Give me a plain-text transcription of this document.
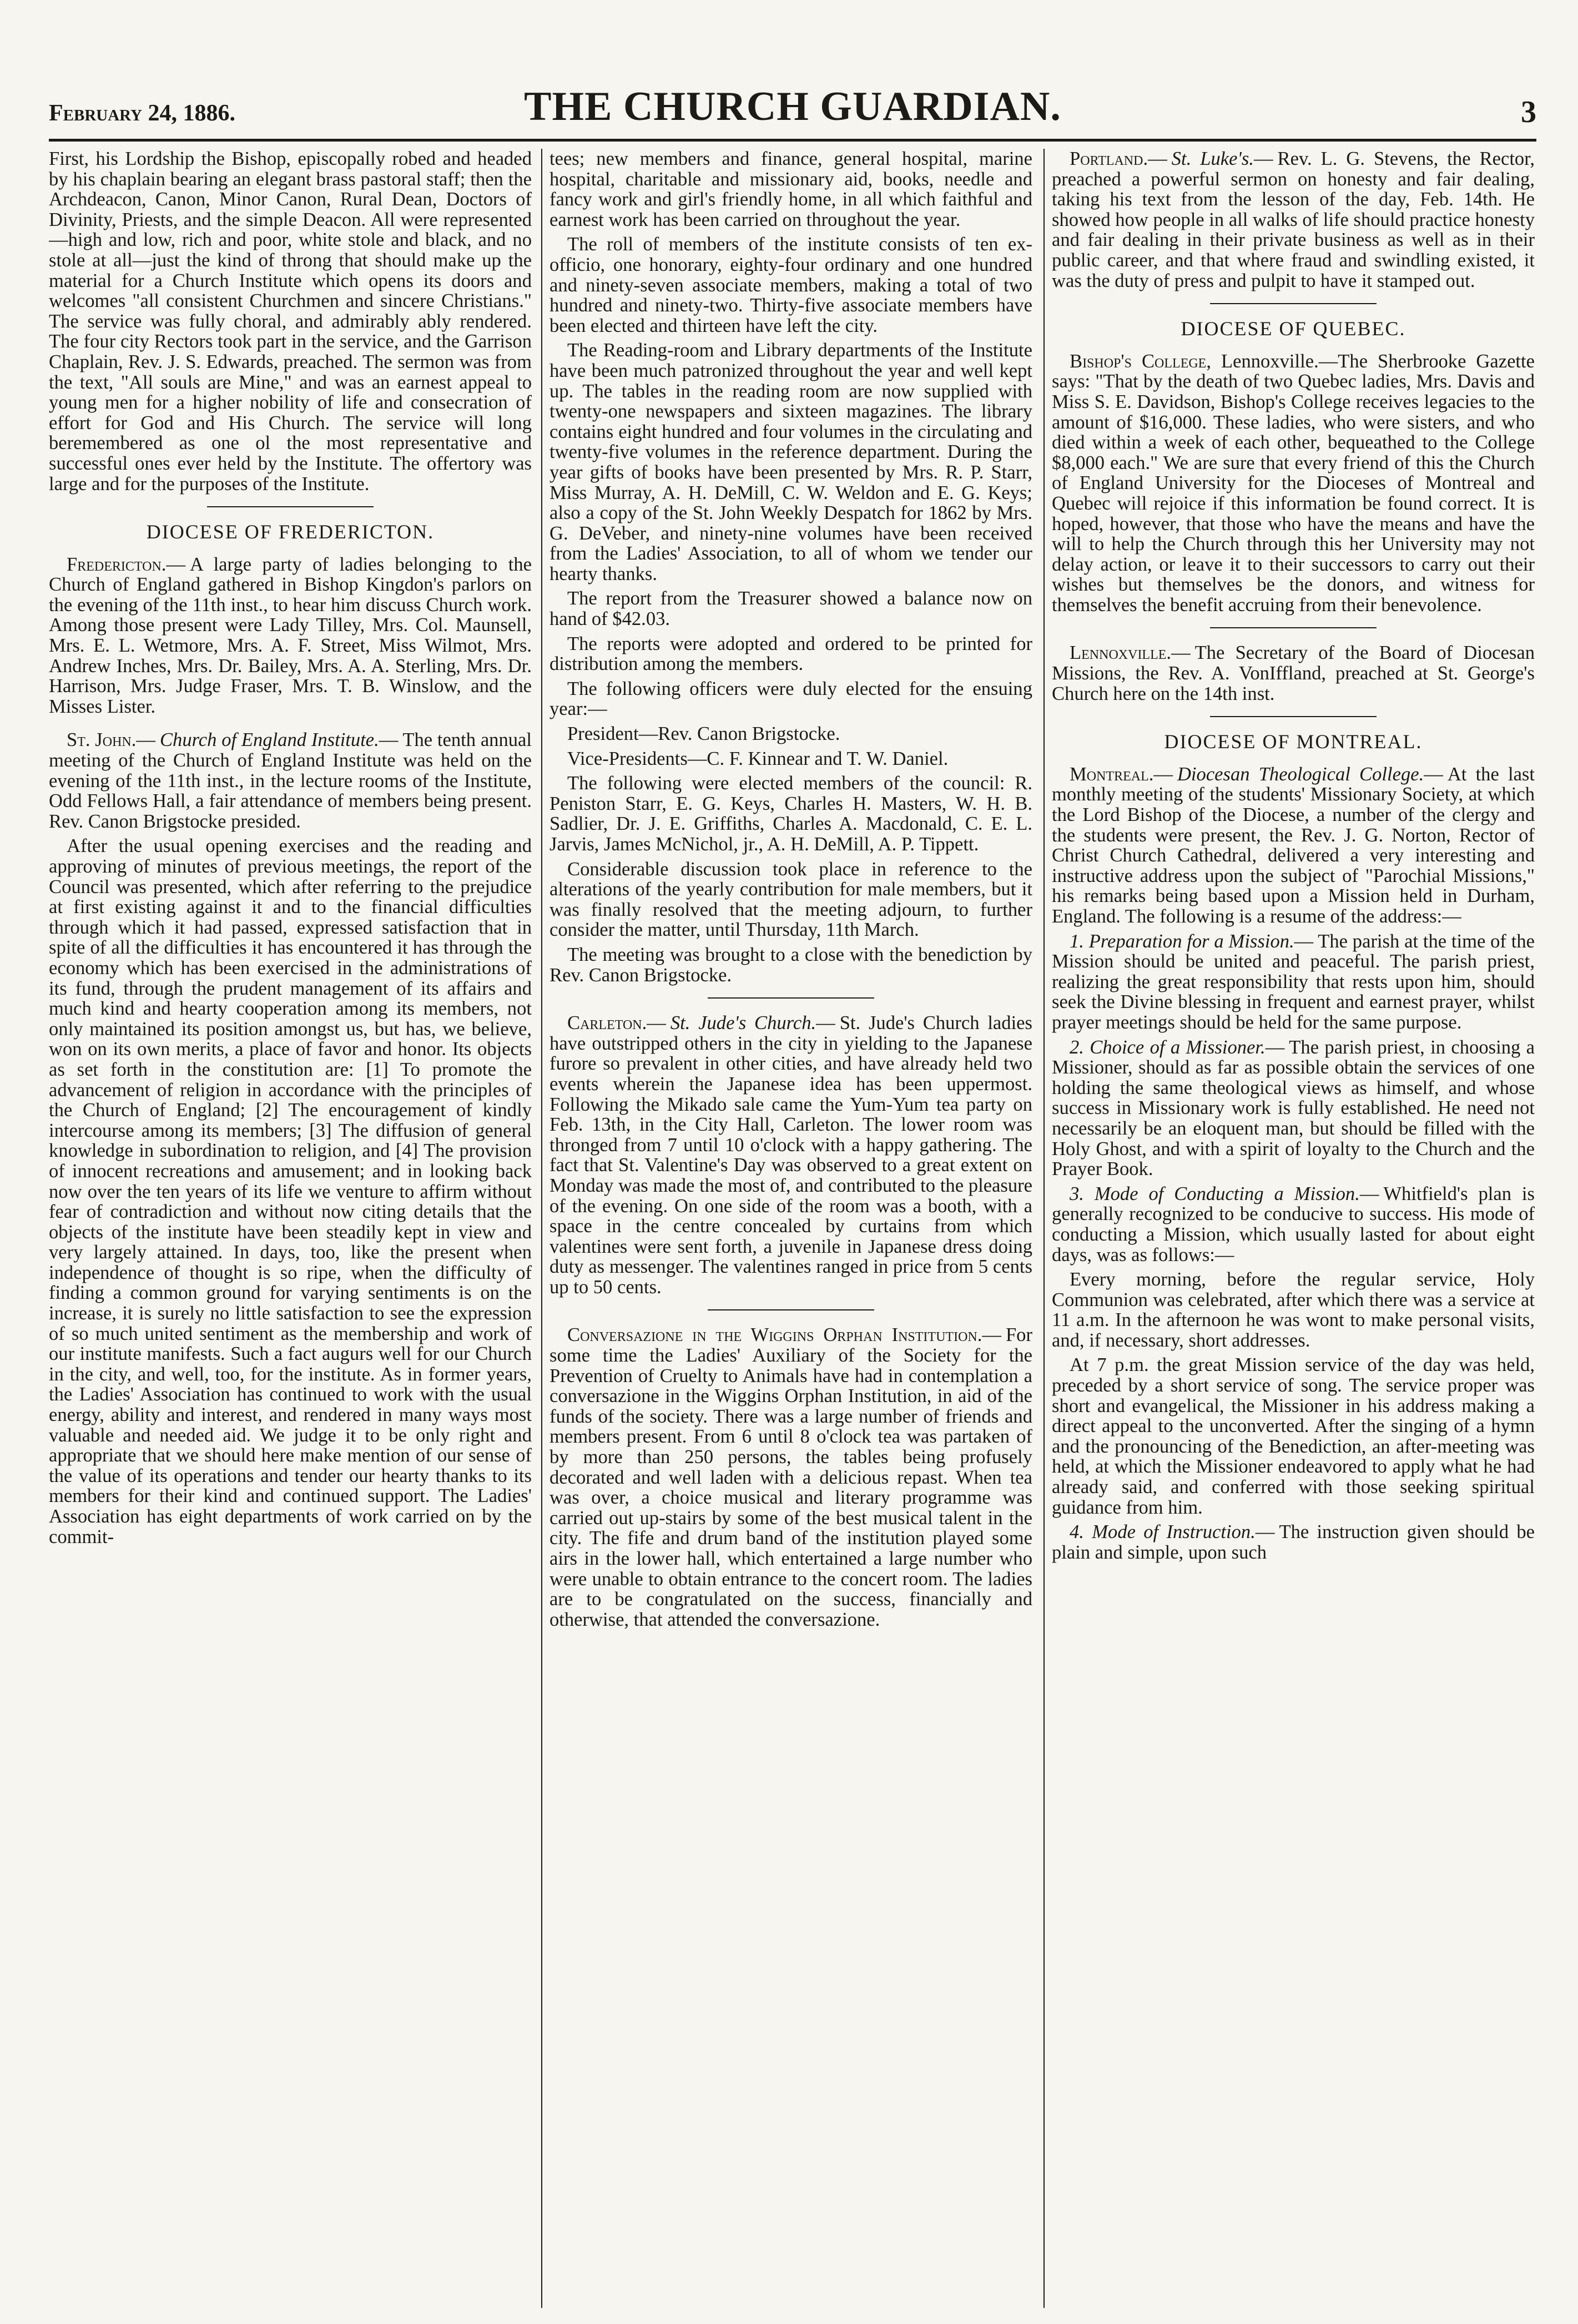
February 24, 1886.	THE CHURCH GUARDIAN.	3

First, his Lordship the Bishop, episcopally robed and headed by his chaplain bearing an elegant brass pastoral staff; then the Archdeacon, Canon, Minor Canon, Rural Dean, Doctors of Divinity, Priests, and the simple Deacon. All were represented—high and low, rich and poor, white stole and black, and no stole at all—just the kind of throng that should make up the material for a Church Institute which opens its doors and welcomes "all consistent Churchmen and sincere Christians." The service was fully choral, and admirably ably rendered. The four city Rectors took part in the service, and the Garrison Chaplain, Rev. J. S. Edwards, preached. The sermon was from the text, "All souls are Mine," and was an earnest appeal to young men for a higher nobility of life and consecration of effort for God and His Church. The service will long beremembered as one ol the most representative and successful ones ever held by the Institute. The offertory was large and for the purposes of the Institute.

DIOCESE OF FREDERICTON.

Fredericton.— A large party of ladies belonging to the Church of England gathered in Bishop Kingdon's parlors on the evening of the 11th inst., to hear him discuss Church work. Among those present were Lady Tilley, Mrs. Col. Maunsell, Mrs. E. L. Wetmore, Mrs. A. F. Street, Miss Wilmot, Mrs. Andrew Inches, Mrs. Dr. Bailey, Mrs. A. A. Sterling, Mrs. Dr. Harrison, Mrs. Judge Fraser, Mrs. T. B. Winslow, and the Misses Lister.

St. John.— Church of England Institute.— The tenth annual meeting of the Church of England Institute was held on the evening of the 11th inst., in the lecture rooms of the Institute, Odd Fellows Hall, a fair attendance of members being present. Rev. Canon Brigstocke presided.

After the usual opening exercises and the reading and approving of minutes of previous meetings, the report of the Council was presented, which after referring to the prejudice at first existing against it and to the financial difficulties through which it had passed, expressed satisfaction that in spite of all the difficulties it has encountered it has through the economy which has been exercised in the administrations of its fund, through the prudent management of its affairs and much kind and hearty cooperation among its members, not only maintained its position amongst us, but has, we believe, won on its own merits, a place of favor and honor. Its objects as set forth in the constitution are: [1] To promote the advancement of religion in accordance with the principles of the Church of England; [2] The encouragement of kindly intercourse among its members; [3] The diffusion of general knowledge in subordination to religion, and [4] The provision of innocent recreations and amusement; and in looking back now over the ten years of its life we venture to affirm without fear of contradiction and without now citing details that the objects of the institute have been steadily kept in view and very largely attained. In days, too, like the present when independence of thought is so ripe, when the difficulty of finding a common ground for varying sentiments is on the increase, it is surely no little satisfaction to see the expression of so much united sentiment as the membership and work of our institute manifests. Such a fact augurs well for our Church in the city, and well, too, for the institute. As in former years, the Ladies' Association has continued to work with the usual energy, ability and interest, and rendered in many ways most valuable and needed aid. We judge it to be only right and appropriate that we should here make mention of our sense of the value of its operations and tender our hearty thanks to its members for their kind and continued support. The Ladies' Association has eight departments of work carried on by the commit-

tees; new members and finance, general hospital, marine hospital, charitable and missionary aid, books, needle and fancy work and girl's friendly home, in all which faithful and earnest work has been carried on throughout the year.

The roll of members of the institute consists of ten ex-officio, one honorary, eighty-four ordinary and one hundred and ninety-seven associate members, making a total of two hundred and ninety-two. Thirty-five associate members have been elected and thirteen have left the city.

The Reading-room and Library departments of the Institute have been much patronized throughout the year and well kept up. The tables in the reading room are now supplied with twenty-one newspapers and sixteen magazines. The library contains eight hundred and four volumes in the circulating and twenty-five volumes in the reference department. During the year gifts of books have been presented by Mrs. R. P. Starr, Miss Murray, A. H. DeMill, C. W. Weldon and E. G. Keys; also a copy of the St. John Weekly Despatch for 1862 by Mrs. G. DeVeber, and ninety-nine volumes have been received from the Ladies' Association, to all of whom we tender our hearty thanks.

The report from the Treasurer showed a balance now on hand of $42.03.

The reports were adopted and ordered to be printed for distribution among the members.

The following officers were duly elected for the ensuing year:—

President—Rev. Canon Brigstocke.

Vice-Presidents—C. F. Kinnear and T. W. Daniel.

The following were elected members of the council: R. Peniston Starr, E. G. Keys, Charles H. Masters, W. H. B. Sadlier, Dr. J. E. Griffiths, Charles A. Macdonald, C. E. L. Jarvis, James McNichol, jr., A. H. DeMill, A. P. Tippett.

Considerable discussion took place in reference to the alterations of the yearly contribution for male members, but it was finally resolved that the meeting adjourn, to further consider the matter, until Thursday, 11th March.

The meeting was brought to a close with the benediction by Rev. Canon Brigstocke.

Carleton.— St. Jude's Church.— St. Jude's Church ladies have outstripped others in the city in yielding to the Japanese furore so prevalent in other cities, and have already held two events wherein the Japanese idea has been uppermost. Following the Mikado sale came the Yum-Yum tea party on Feb. 13th, in the City Hall, Carleton. The lower room was thronged from 7 until 10 o'clock with a happy gathering. The fact that St. Valentine's Day was observed to a great extent on Monday was made the most of, and contributed to the pleasure of the evening. On one side of the room was a booth, with a space in the centre concealed by curtains from which valentines were sent forth, a juvenile in Japanese dress doing duty as messenger. The valentines ranged in price from 5 cents up to 50 cents.

Conversazione in the Wiggins Orphan Institution.— For some time the Ladies' Auxiliary of the Society for the Prevention of Cruelty to Animals have had in contemplation a conversazione in the Wiggins Orphan Institution, in aid of the funds of the society. There was a large number of friends and members present. From 6 until 8 o'clock tea was partaken of by more than 250 persons, the tables being profusely decorated and well laden with a delicious repast. When tea was over, a choice musical and literary programme was carried out up-stairs by some of the best musical talent in the city. The fife and drum band of the institution played some airs in the lower hall, which entertained a large number who were unable to obtain entrance to the concert room. The ladies are to be congratulated on the success, financially and otherwise, that attended the conversazione.

Portland.— St. Luke's.— Rev. L. G. Stevens, the Rector, preached a powerful sermon on honesty and fair dealing, taking his text from the lesson of the day, Feb. 14th. He showed how people in all walks of life should practice honesty and fair dealing in their private business as well as in their public career, and that where fraud and swindling existed, it was the duty of press and pulpit to have it stamped out.

DIOCESE OF QUEBEC.

Bishop's College, Lennoxville.—The Sherbrooke Gazette says: "That by the death of two Quebec ladies, Mrs. Davis and Miss S. E. Davidson, Bishop's College receives legacies to the amount of $16,000. These ladies, who were sisters, and who died within a week of each other, bequeathed to the College $8,000 each." We are sure that every friend of this the Church of England University for the Dioceses of Montreal and Quebec will rejoice if this information be found correct. It is hoped, however, that those who have the means and have the will to help the Church through this her University may not delay action, or leave it to their successors to carry out their wishes but themselves be the donors, and witness for themselves the benefit accruing from their benevolence.

Lennoxville.— The Secretary of the Board of Diocesan Missions, the Rev. A. VonIffland, preached at St. George's Church here on the 14th inst.

DIOCESE OF MONTREAL.

Montreal.— Diocesan Theological College.— At the last monthly meeting of the students' Missionary Society, at which the Lord Bishop of the Diocese, a number of the clergy and the students were present, the Rev. J. G. Norton, Rector of Christ Church Cathedral, delivered a very interesting and instructive address upon the subject of "Parochial Missions," his remarks being based upon a Mission held in Durham, England. The following is a resume of the address:—

1. Preparation for a Mission.— The parish at the time of the Mission should be united and peaceful. The parish priest, realizing the great responsibility that rests upon him, should seek the Divine blessing in frequent and earnest prayer, whilst prayer meetings should be held for the same purpose.

2. Choice of a Missioner.— The parish priest, in choosing a Missioner, should as far as possible obtain the services of one holding the same theological views as himself, and whose success in Missionary work is fully established. He need not necessarily be an eloquent man, but should be filled with the Holy Ghost, and with a spirit of loyalty to the Church and the Prayer Book.

3. Mode of Conducting a Mission.— Whitfield's plan is generally recognized to be conducive to success. His mode of conducting a Mission, which usually lasted for about eight days, was as follows:—

Every morning, before the regular service, Holy Communion was celebrated, after which there was a service at 11 a.m. In the afternoon he was wont to make personal visits, and, if necessary, short addresses.

At 7 p.m. the great Mission service of the day was held, preceded by a short service of song. The service proper was short and evangelical, the Missioner in his address making a direct appeal to the unconverted. After the singing of a hymn and the pronouncing of the Benediction, an after-meeting was held, at which the Missioner endeavored to apply what he had already said, and conferred with those seeking spiritual guidance from him.

4. Mode of Instruction.— The instruction given should be plain and simple, upon such
